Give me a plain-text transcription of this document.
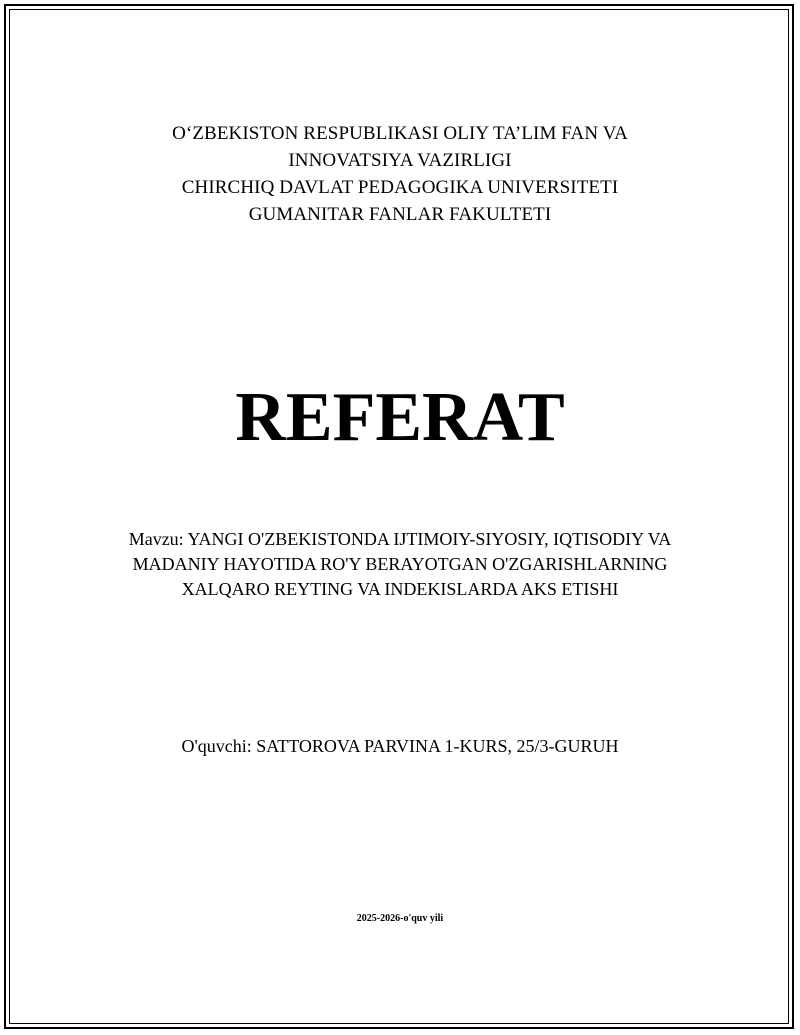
O‘ZBEKISTON RESPUBLIKASI OLIY TA’LIM FAN VA
INNOVATSIYA VAZIRLIGI
CHIRCHIQ DAVLAT PEDAGOGIKA UNIVERSITETI
GUMANITAR FANLAR FAKULTETI
REFERAT
Mavzu: YANGI O'ZBEKISTONDA IJTIMOIY-SIYOSIY, IQTISODIY VA
MADANIY HAYOTIDA RO'Y BERAYOTGAN O'ZGARISHLARNING
XALQARO REYTING VA INDEKISLARDA AKS ETISHI
O'quvchi: SATTOROVA PARVINA 1-KURS, 25/3-GURUH
2025-2026-o'quv yili
